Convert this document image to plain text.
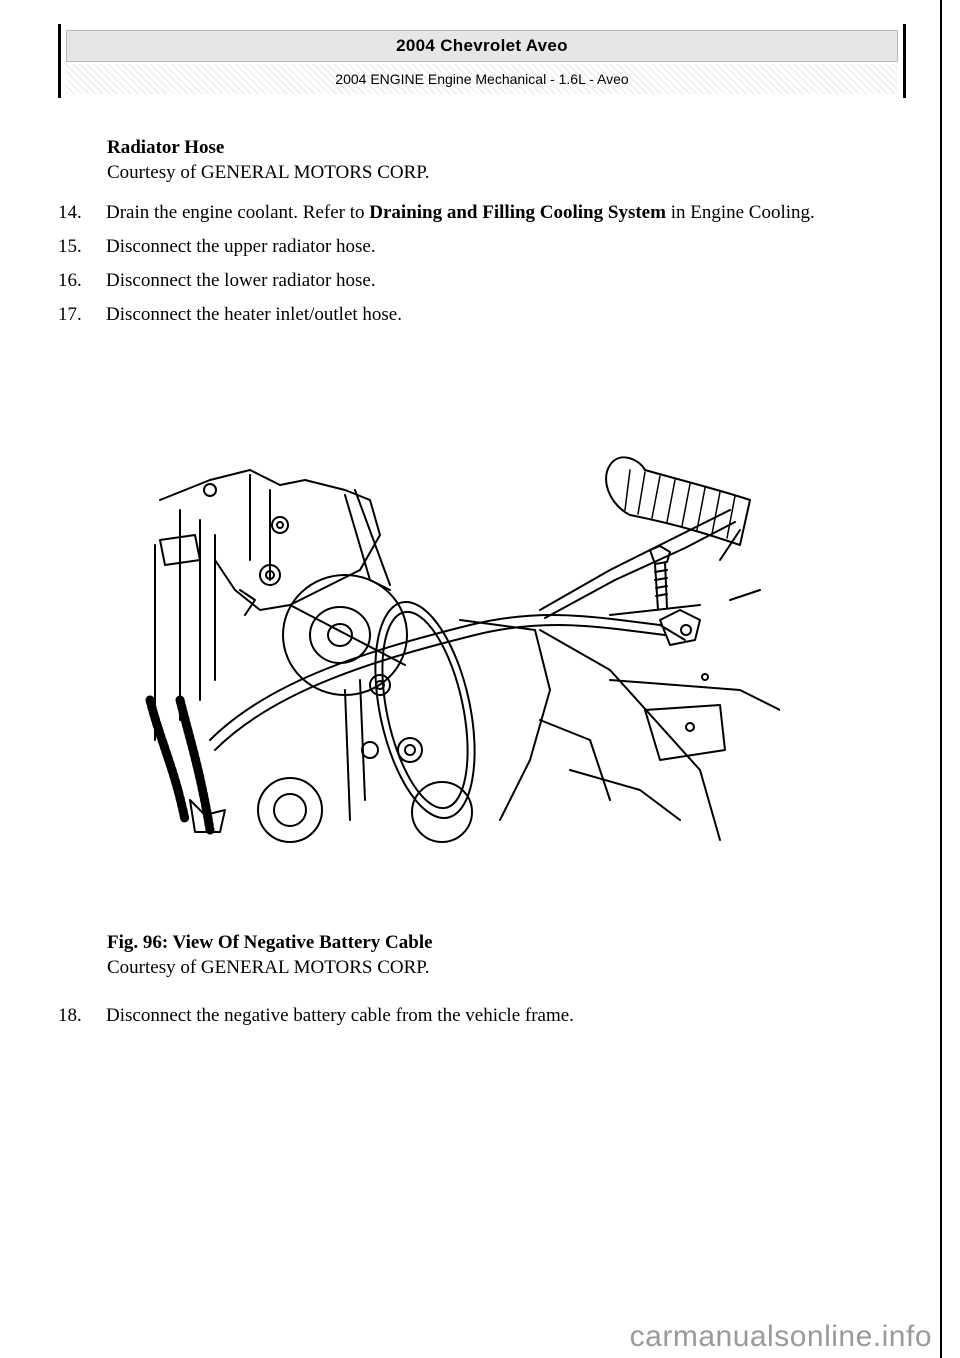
2004 Chevrolet Aveo
2004 ENGINE Engine Mechanical - 1.6L - Aveo
Radiator Hose
Courtesy of GENERAL MOTORS CORP.
14.	Drain the engine coolant. Refer to Draining and Filling Cooling System in Engine Cooling.
15.	Disconnect the upper radiator hose.
16.	Disconnect the lower radiator hose.
17.	Disconnect the heater inlet/outlet hose.
Fig. 96: View Of Negative Battery Cable
Courtesy of GENERAL MOTORS CORP.
18.	Disconnect the negative battery cable from the vehicle frame.
carmanualsonline.info
